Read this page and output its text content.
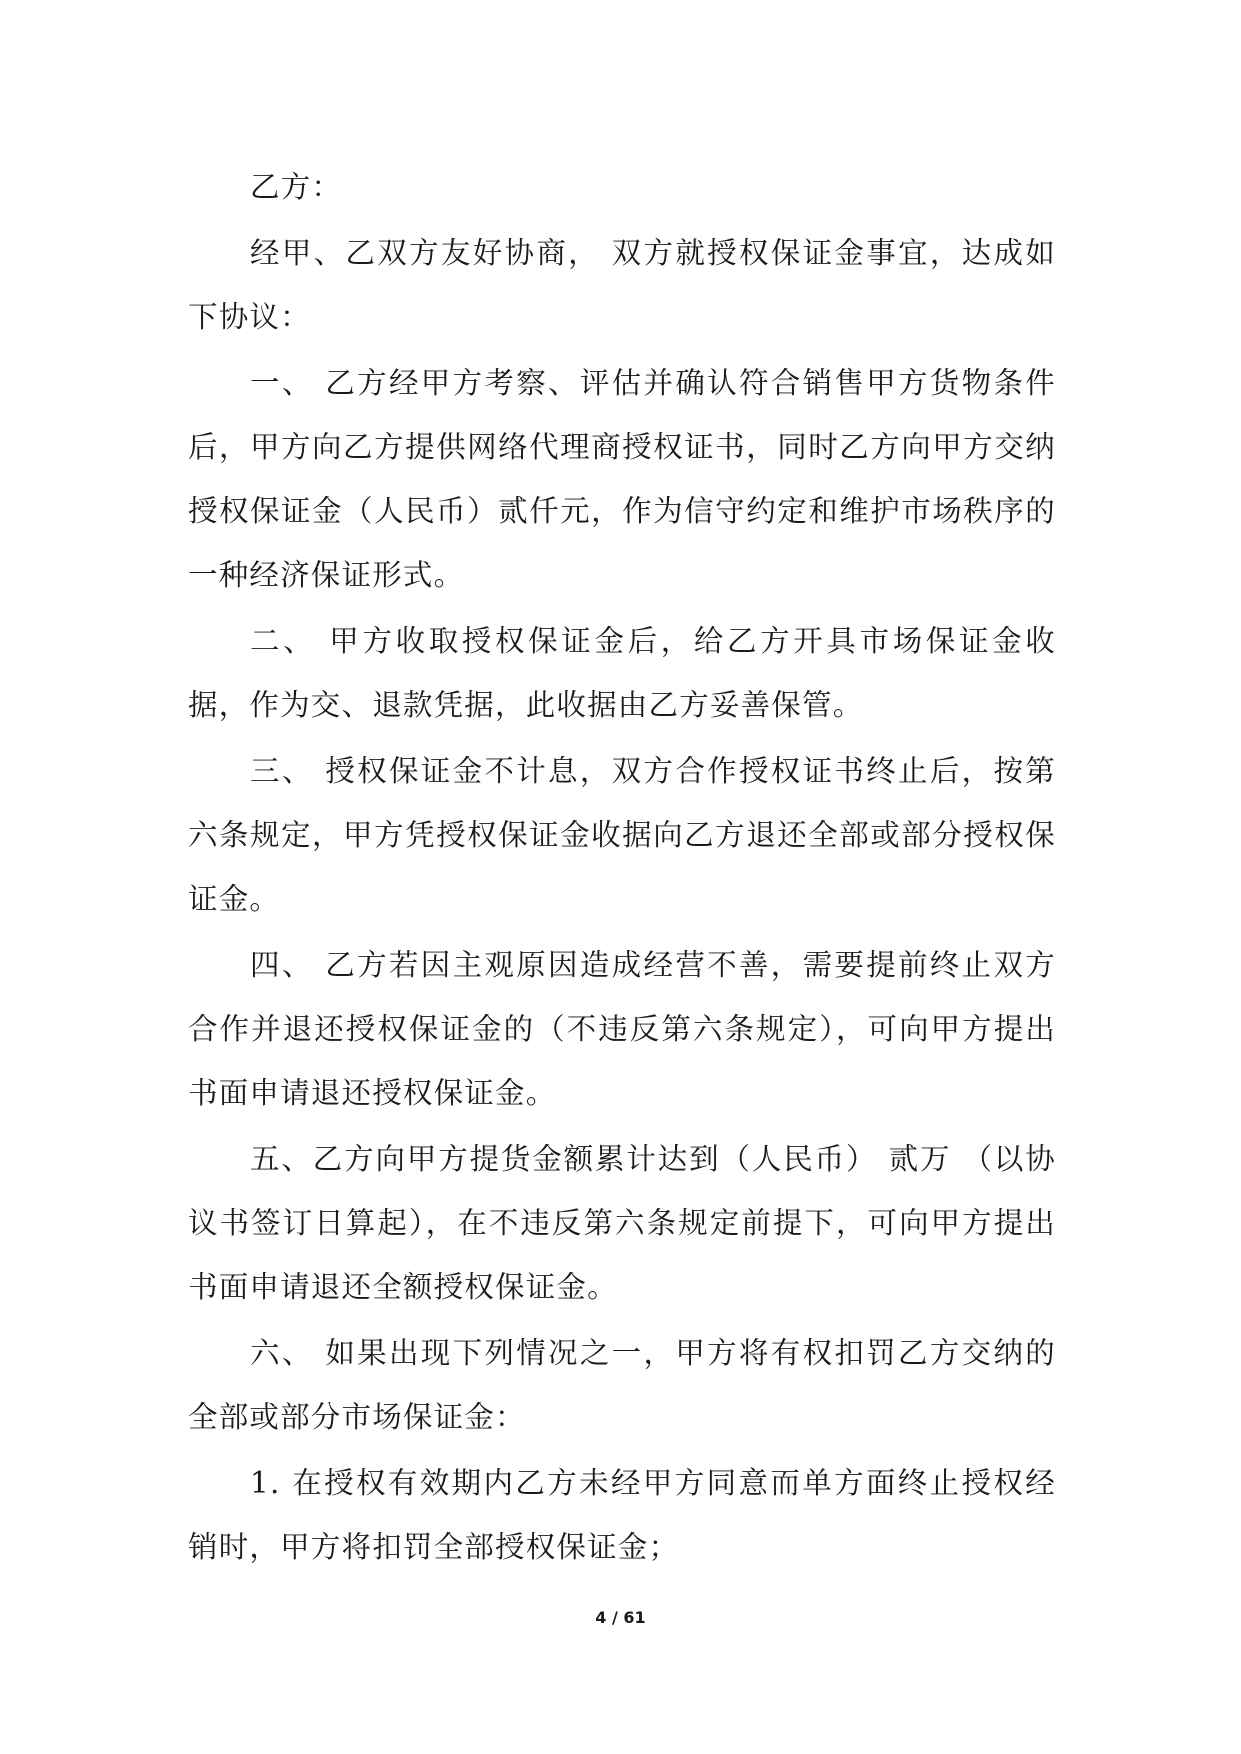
乙方：

经甲、乙双方友好协商， 双方就授权保证金事宜，达成如下协议：

一、 乙方经甲方考察、评估并确认符合销售甲方货物条件后，甲方向乙方提供网络代理商授权证书，同时乙方向甲方交纳授权保证金（人民币）贰仟元，作为信守约定和维护市场秩序的一种经济保证形式。

二、 甲方收取授权保证金后，给乙方开具市场保证金收据，作为交、退款凭据，此收据由乙方妥善保管。

三、 授权保证金不计息，双方合作授权证书终止后，按第六条规定，甲方凭授权保证金收据向乙方退还全部或部分授权保证金。

四、 乙方若因主观原因造成经营不善，需要提前终止双方合作并退还授权保证金的（不违反第六条规定），可向甲方提出书面申请退还授权保证金。

五、乙方向甲方提货金额累计达到（人民币） 贰万 （以协议书签订日算起），在不违反第六条规定前提下，可向甲方提出书面申请退还全额授权保证金。

六、 如果出现下列情况之一，甲方将有权扣罚乙方交纳的全部或部分市场保证金：

1. 在授权有效期内乙方未经甲方同意而单方面终止授权经销时，甲方将扣罚全部授权保证金；

4 / 61
